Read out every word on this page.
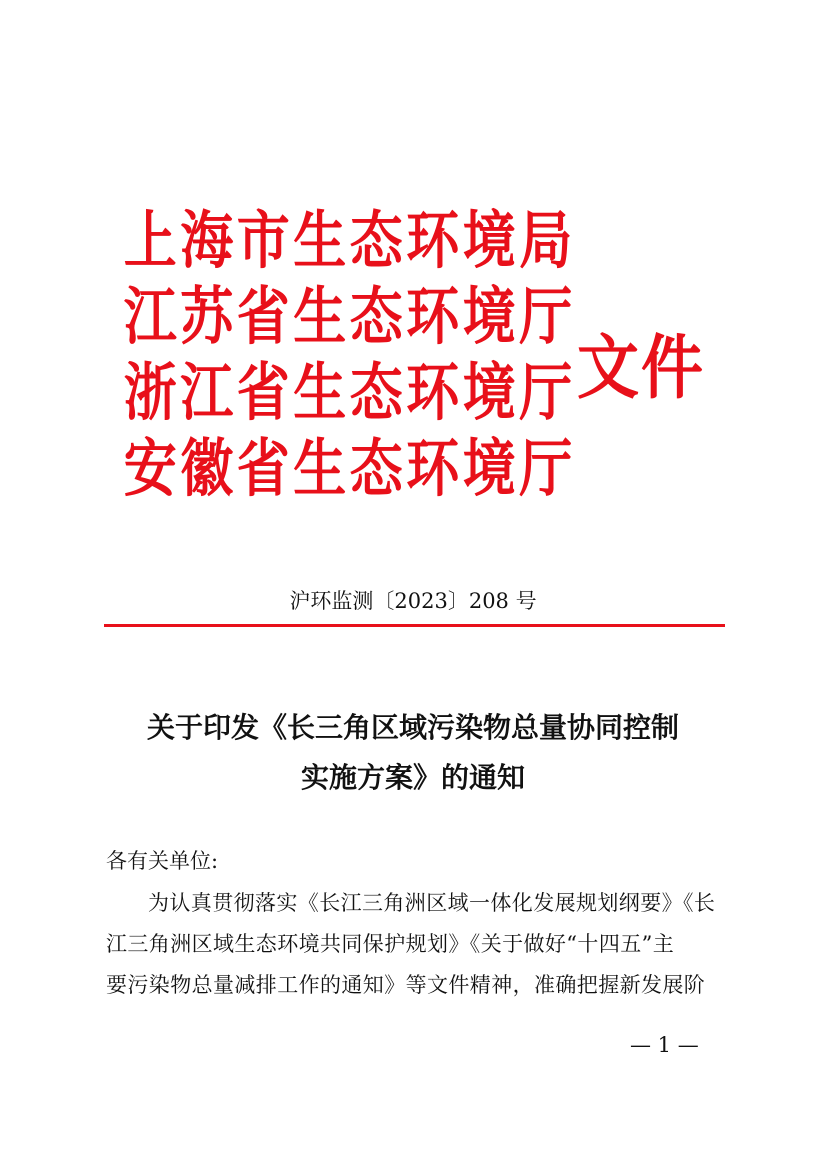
上 海 市 生 态 环 境 局
江 苏 省 生 态 环 境 厅
浙 江 省 生 态 环 境 厅
安 徽 省 生 态 环 境 厅
文件
沪环监测〔2023〕208 号
关于印发《长三角区域污染物总量协同控制
实施方案》的通知
各有关单位:
为认真贯彻落实《长江三角洲区域一体化发展规划纲要》《长
江三角洲区域生态环境共同保护规划》《关于做好“十四五”主
要污染物总量减排工作的通知》等文件精神，准确把握新发展阶
— 1 —
